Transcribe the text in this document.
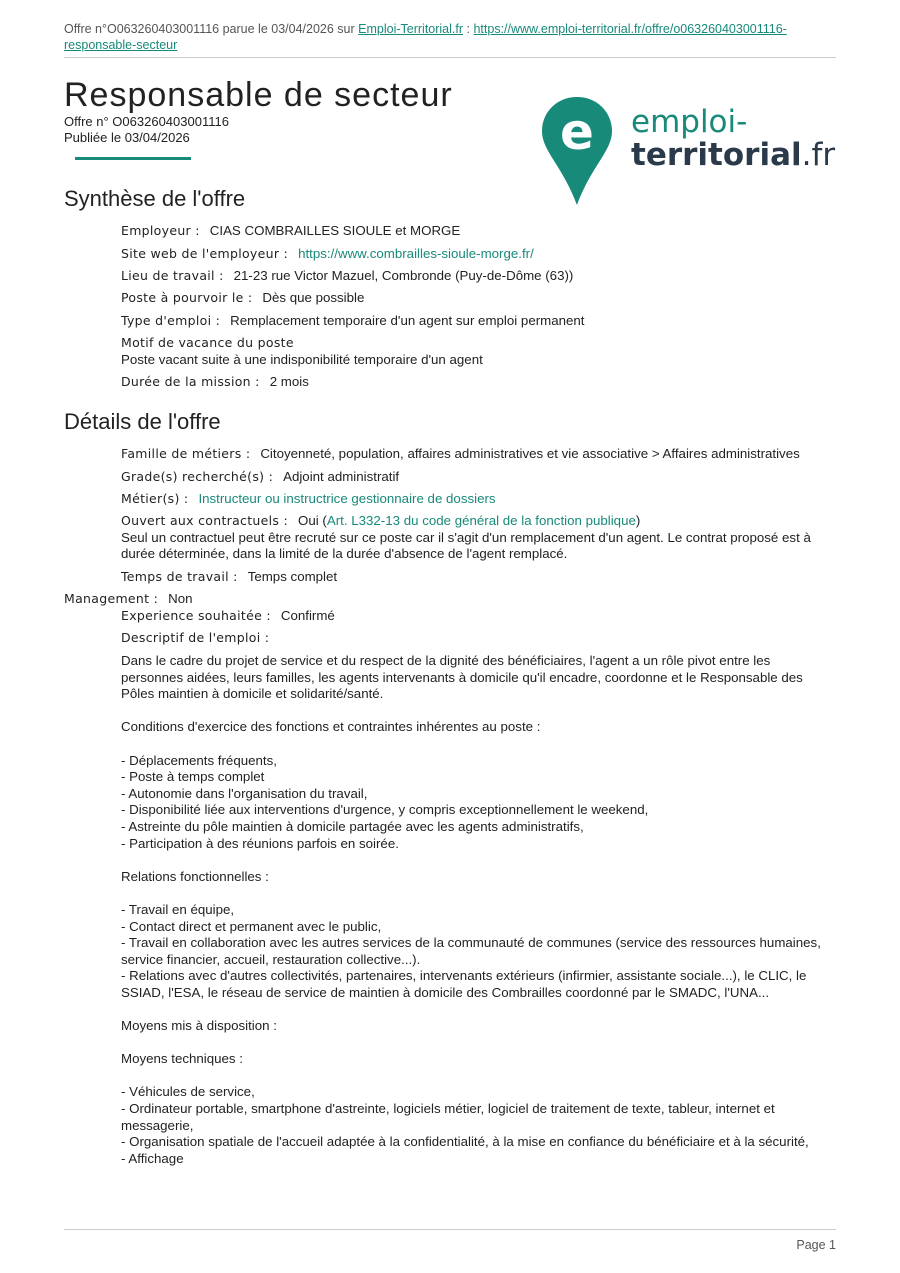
Offre n°O063260403001116 parue le 03/04/2026 sur Emploi-Territorial.fr : https://www.emploi-territorial.fr/offre/o063260403001116-responsable-secteur
Responsable de secteur
Offre n° O063260403001116
Publiée le 03/04/2026	e emploi-
territorial.fr
Synthèse de l'offre
Employeur : CIAS COMBRAILLES SIOULE et MORGE
Site web de l'employeur : https://www.combrailles-sioule-morge.fr/
Lieu de travail : 21-23 rue Victor Mazuel, Combronde (Puy-de-Dôme (63))
Poste à pourvoir le : Dès que possible
Type d'emploi : Remplacement temporaire d'un agent sur emploi permanent
Motif de vacance du poste
Poste vacant suite à une indisponibilité temporaire d'un agent
Durée de la mission : 2 mois
Détails de l'offre
Famille de métiers : Citoyenneté, population, affaires administratives et vie associative > Affaires administratives
Grade(s) recherché(s) : Adjoint administratif
Métier(s) : Instructeur ou instructrice gestionnaire de dossiers
Ouvert aux contractuels : Oui (Art. L332-13 du code général de la fonction publique)
Seul un contractuel peut être recruté sur ce poste car il s'agit d'un remplacement d'un agent. Le contrat proposé est à durée déterminée, dans la limité de la durée d'absence de l'agent remplacé.
Temps de travail : Temps complet
Management : Non
Experience souhaitée : Confirmé
Descriptif de l'emploi :
Dans le cadre du projet de service et du respect de la dignité des bénéficiaires, l'agent a un rôle pivot entre les personnes aidées, leurs familles, les agents intervenants à domicile qu'il encadre, coordonne et le Responsable des Pôles maintien à domicile et solidarité/santé.

Conditions d'exercice des fonctions et contraintes inhérentes au poste :

- Déplacements fréquents,
- Poste à temps complet
- Autonomie dans l'organisation du travail,
- Disponibilité liée aux interventions d'urgence, y compris exceptionnellement le weekend,
- Astreinte du pôle maintien à domicile partagée avec les agents administratifs,
- Participation à des réunions parfois en soirée.

Relations fonctionnelles :

- Travail en équipe,
- Contact direct et permanent avec le public,
- Travail en collaboration avec les autres services de la communauté de communes (service des ressources humaines, service financier, accueil, restauration collective...).
- Relations avec d'autres collectivités, partenaires, intervenants extérieurs (infirmier, assistante sociale...), le CLIC, le SSIAD, l'ESA, le réseau de service de maintien à domicile des Combrailles coordonné par le SMADC, l'UNA...

Moyens mis à disposition :

Moyens techniques :

- Véhicules de service,
- Ordinateur portable, smartphone d'astreinte, logiciels métier, logiciel de traitement de texte, tableur, internet et messagerie,
- Organisation spatiale de l'accueil adaptée à la confidentialité, à la mise en confiance du bénéficiaire et à la sécurité,
- Affichage
Page 1
